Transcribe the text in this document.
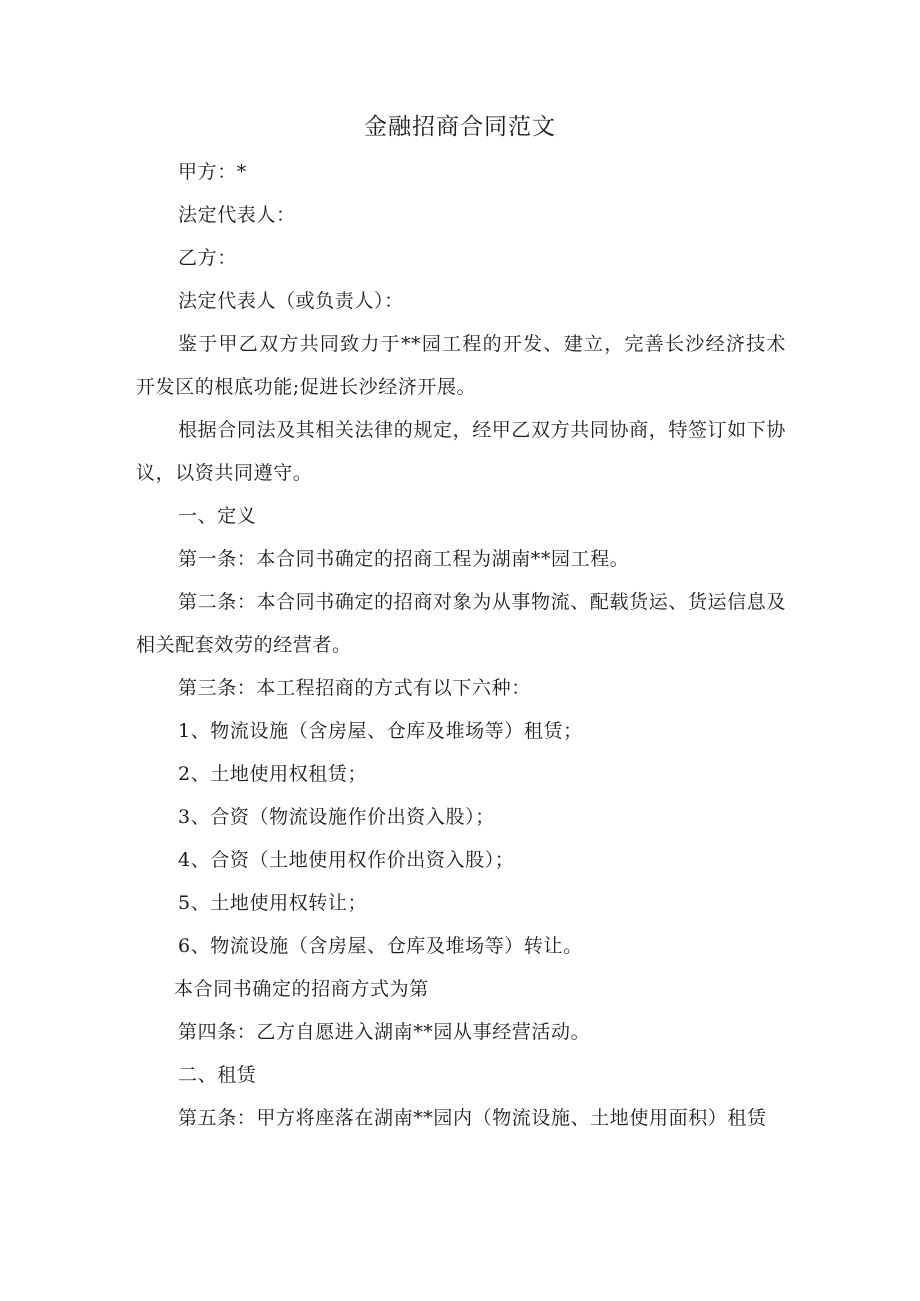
金融招商合同范文

甲方：*

法定代表人：

乙方：

法定代表人（或负责人）：

鉴于甲乙双方共同致力于**园工程的开发、建立，完善长沙经济技术开发区的根底功能;促进长沙经济开展。

根据合同法及其相关法律的规定，经甲乙双方共同协商，特签订如下协议，以资共同遵守。

一、定义

第一条：本合同书确定的招商工程为湖南**园工程。

第二条：本合同书确定的招商对象为从事物流、配载货运、货运信息及相关配套效劳的经营者。

第三条：本工程招商的方式有以下六种：

1、物流设施（含房屋、仓库及堆场等）租赁；

2、土地使用权租赁；

3、合资（物流设施作价出资入股）；

4、合资（土地使用权作价出资入股）；

5、土地使用权转让；

6、物流设施（含房屋、仓库及堆场等）转让。

本合同书确定的招商方式为第

第四条：乙方自愿进入湖南**园从事经营活动。

二、租赁

第五条：甲方将座落在湖南**园内（物流设施、土地使用面积）租赁
